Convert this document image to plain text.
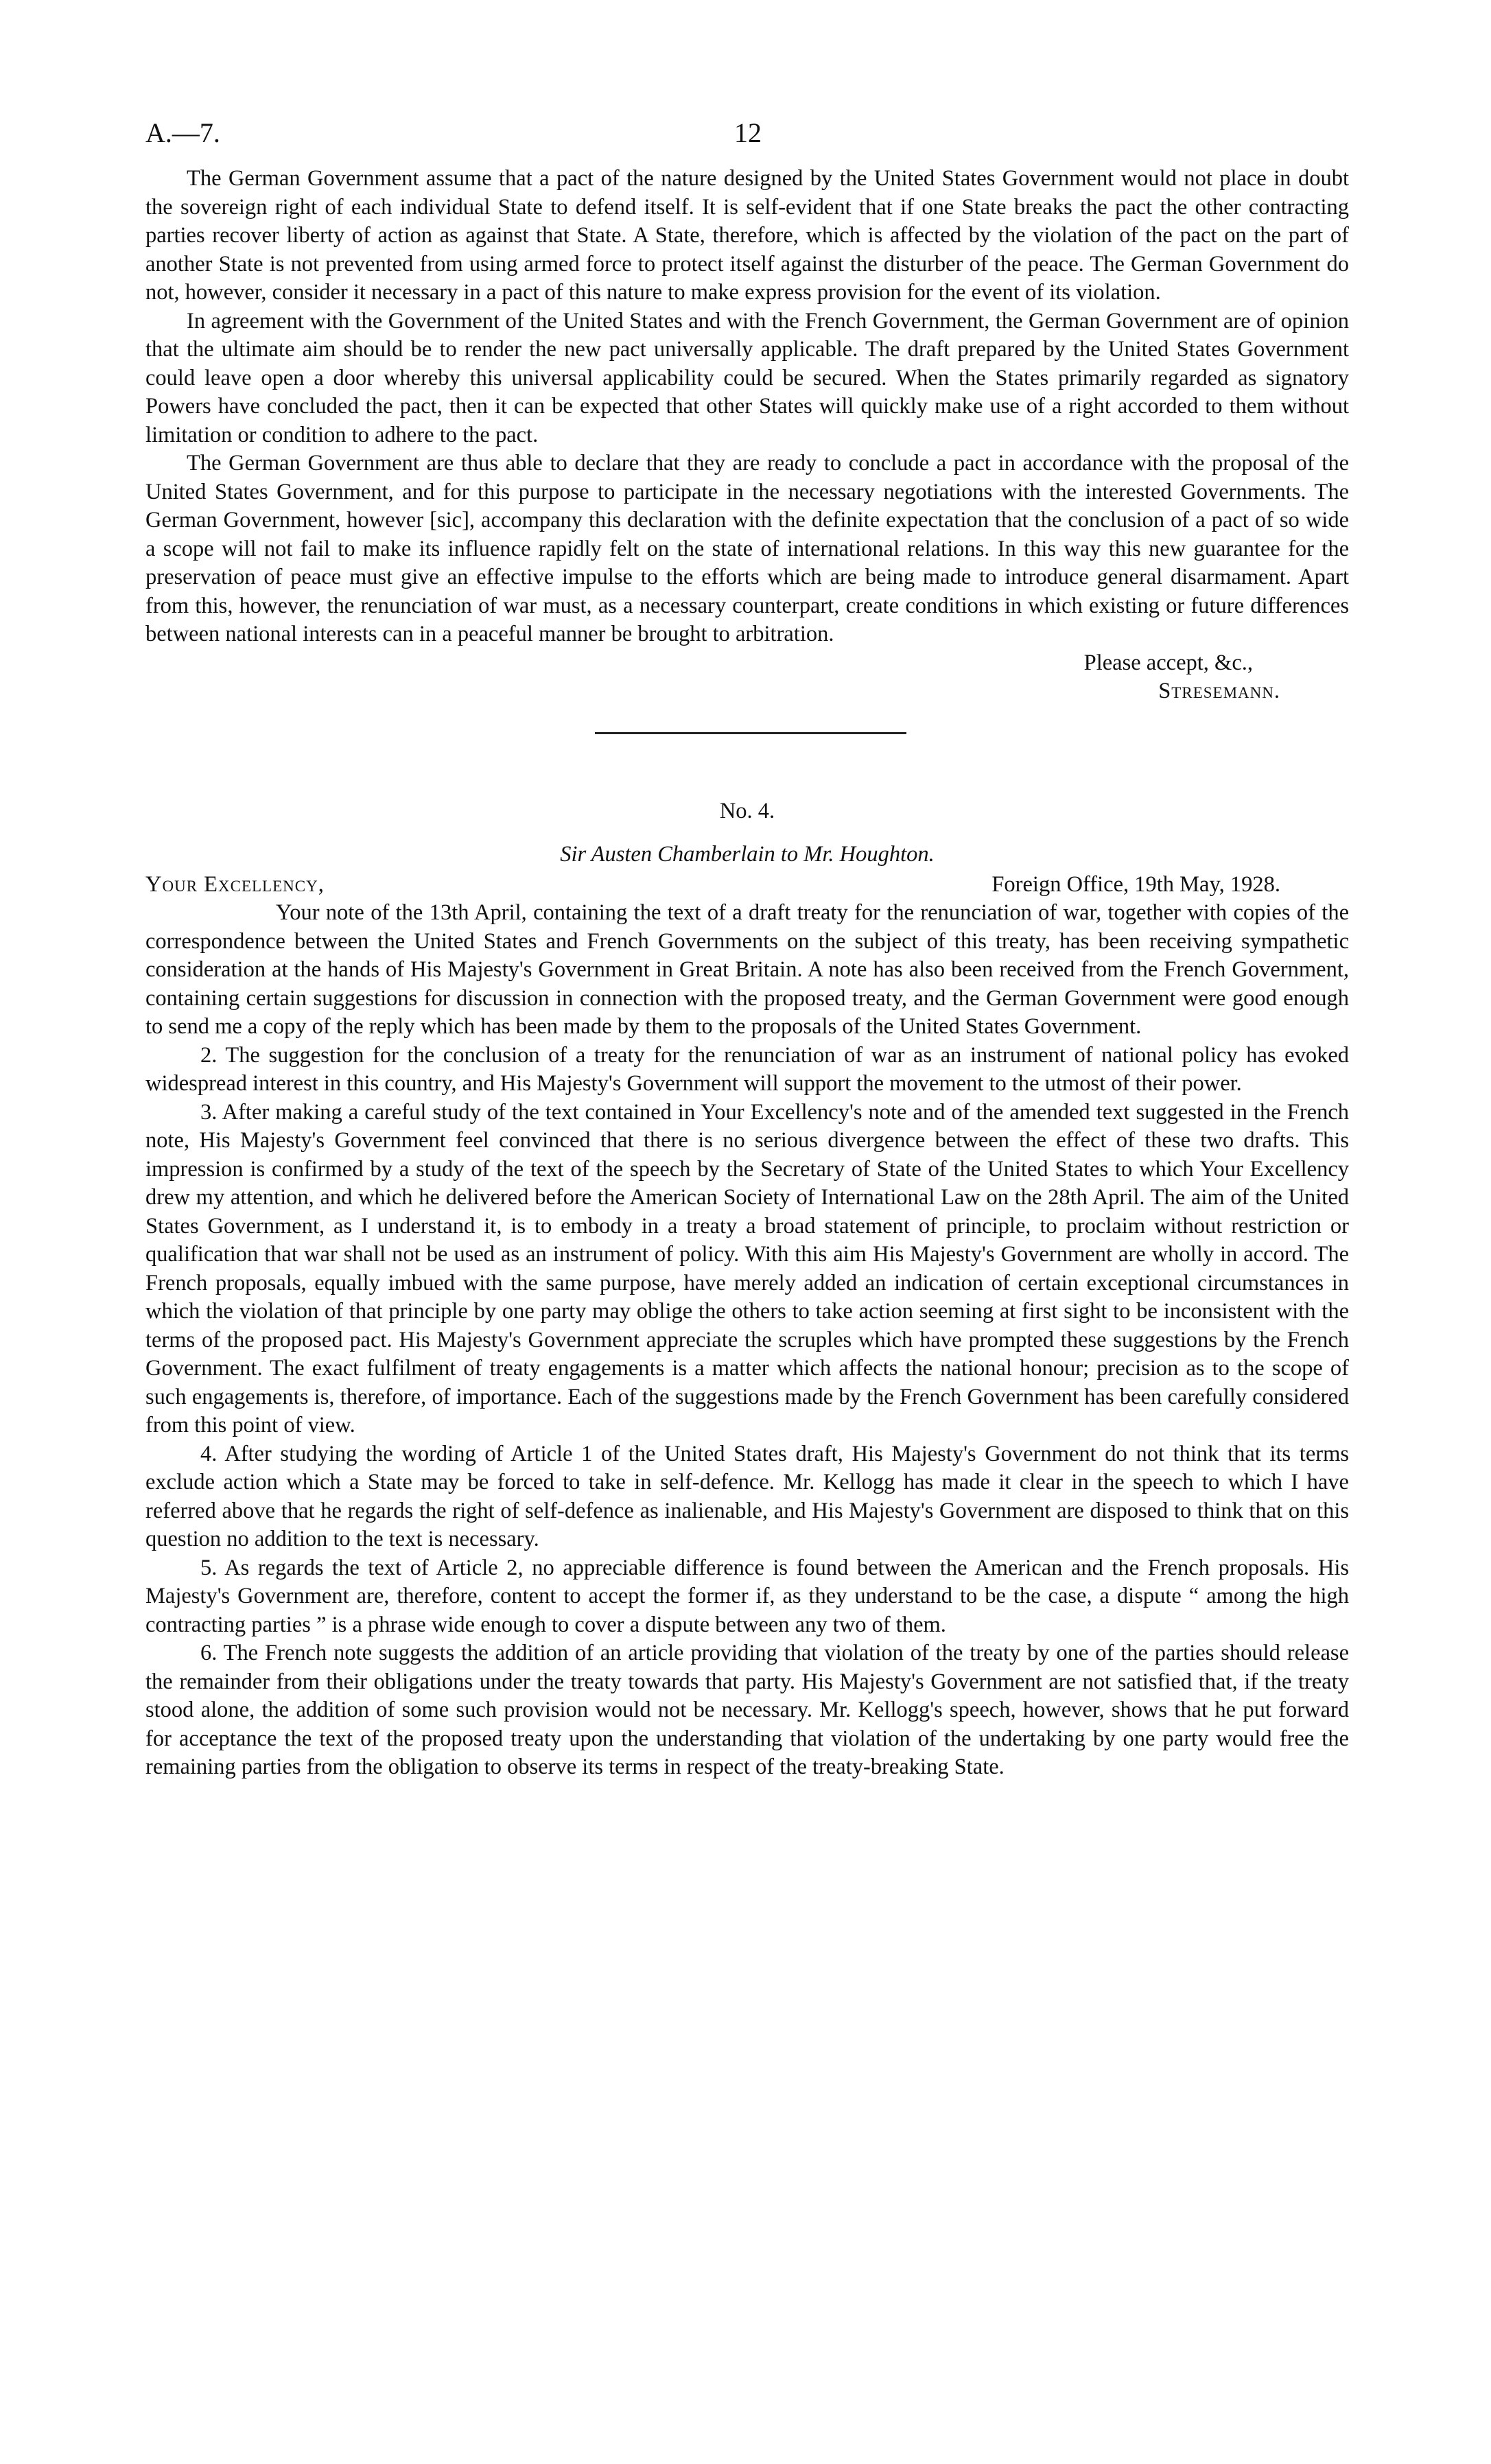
A.—7.	12

The German Government assume that a pact of the nature designed by the United States Government would not place in doubt the sovereign right of each individual State to defend itself. It is self-evident that if one State breaks the pact the other contracting parties recover liberty of action as against that State. A State, therefore, which is affected by the violation of the pact on the part of another State is not prevented from using armed force to protect itself against the disturber of the peace. The German Government do not, however, consider it necessary in a pact of this nature to make express provision for the event of its violation.

In agreement with the Government of the United States and with the French Government, the German Government are of opinion that the ultimate aim should be to render the new pact universally applicable. The draft prepared by the United States Government could leave open a door whereby this universal applicability could be secured. When the States primarily regarded as signatory Powers have concluded the pact, then it can be expected that other States will quickly make use of a right accorded to them without limitation or condition to adhere to the pact.

The German Government are thus able to declare that they are ready to conclude a pact in accordance with the proposal of the United States Government, and for this purpose to participate in the necessary negotiations with the interested Governments. The German Government, however [sic], accompany this declaration with the definite expectation that the conclusion of a pact of so wide a scope will not fail to make its influence rapidly felt on the state of international relations. In this way this new guarantee for the preservation of peace must give an effective impulse to the efforts which are being made to introduce general disarmament. Apart from this, however, the renunciation of war must, as a necessary counterpart, create conditions in which existing or future differences between national interests can in a peaceful manner be brought to arbitration.

Please accept, &c.,
Stresemann.
No. 4.
Sir Austen Chamberlain to Mr. Houghton.
Your Excellency,	Foreign Office, 19th May, 1928.

Your note of the 13th April, containing the text of a draft treaty for the renunciation of war, together with copies of the correspondence between the United States and French Governments on the subject of this treaty, has been receiving sympathetic consideration at the hands of His Majesty's Government in Great Britain. A note has also been received from the French Government, containing certain suggestions for discussion in connection with the proposed treaty, and the German Government were good enough to send me a copy of the reply which has been made by them to the proposals of the United States Government.

2. The suggestion for the conclusion of a treaty for the renunciation of war as an instrument of national policy has evoked widespread interest in this country, and His Majesty's Government will support the movement to the utmost of their power.

3. After making a careful study of the text contained in Your Excellency's note and of the amended text suggested in the French note, His Majesty's Government feel convinced that there is no serious divergence between the effect of these two drafts. This impression is confirmed by a study of the text of the speech by the Secretary of State of the United States to which Your Excellency drew my attention, and which he delivered before the American Society of International Law on the 28th April. The aim of the United States Government, as I understand it, is to embody in a treaty a broad statement of principle, to proclaim without restriction or qualification that war shall not be used as an instrument of policy. With this aim His Majesty's Government are wholly in accord. The French proposals, equally imbued with the same purpose, have merely added an indication of certain exceptional circumstances in which the violation of that principle by one party may oblige the others to take action seeming at first sight to be inconsistent with the terms of the proposed pact. His Majesty's Government appreciate the scruples which have prompted these suggestions by the French Government. The exact fulfilment of treaty engagements is a matter which affects the national honour; precision as to the scope of such engagements is, therefore, of importance. Each of the suggestions made by the French Government has been carefully considered from this point of view.

4. After studying the wording of Article 1 of the United States draft, His Majesty's Government do not think that its terms exclude action which a State may be forced to take in self-defence. Mr. Kellogg has made it clear in the speech to which I have referred above that he regards the right of self-defence as inalienable, and His Majesty's Government are disposed to think that on this question no addition to the text is necessary.

5. As regards the text of Article 2, no appreciable difference is found between the American and the French proposals. His Majesty's Government are, therefore, content to accept the former if, as they understand to be the case, a dispute “ among the high contracting parties ” is a phrase wide enough to cover a dispute between any two of them.

6. The French note suggests the addition of an article providing that violation of the treaty by one of the parties should release the remainder from their obligations under the treaty towards that party. His Majesty's Government are not satisfied that, if the treaty stood alone, the addition of some such provision would not be necessary. Mr. Kellogg's speech, however, shows that he put forward for acceptance the text of the proposed treaty upon the understanding that violation of the undertaking by one party would free the remaining parties from the obligation to observe its terms in respect of the treaty-breaking State.
